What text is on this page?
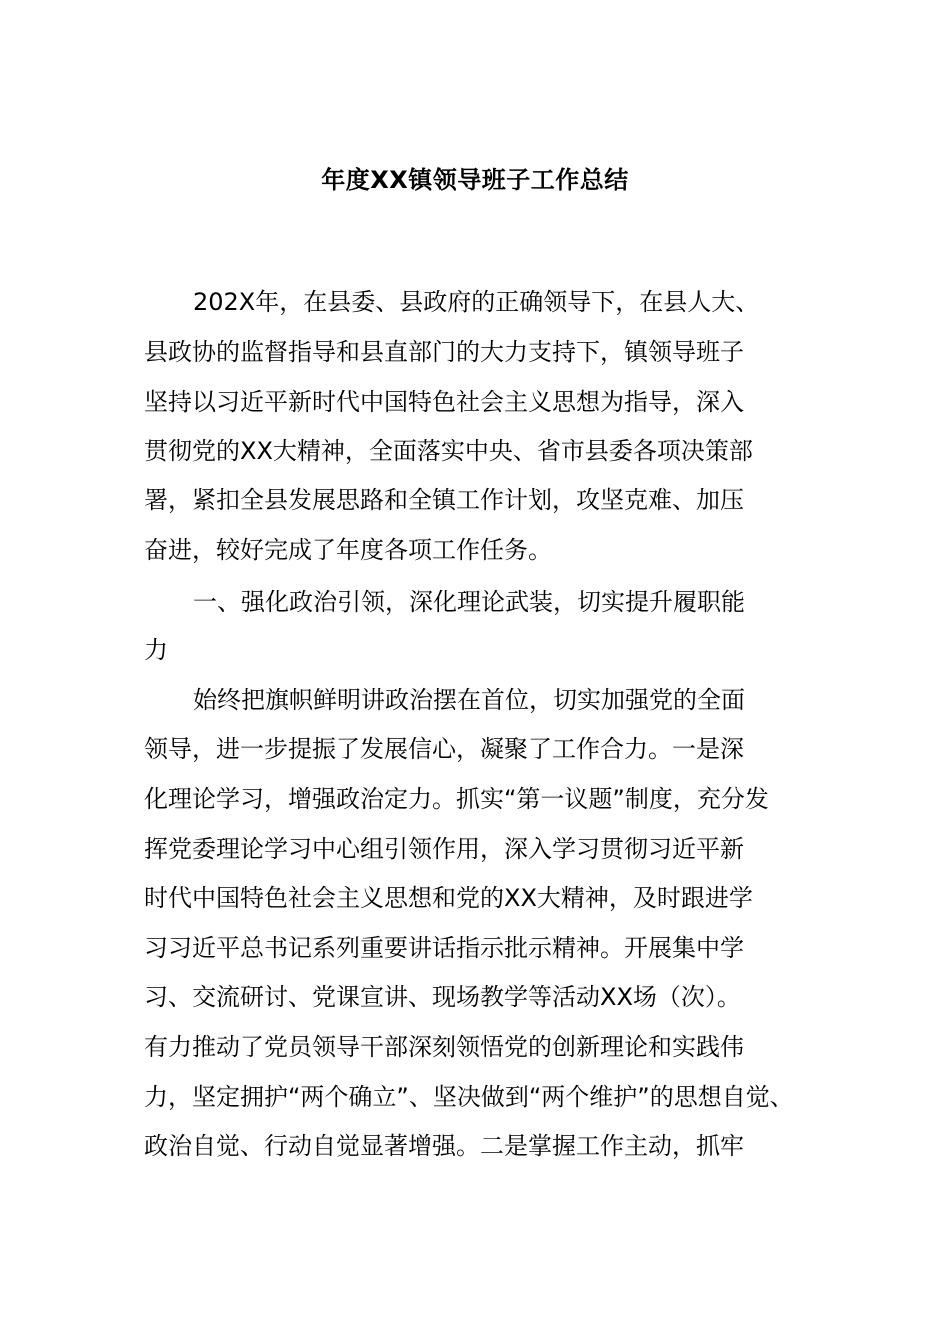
年度XX镇领导班子工作总结
202X年，在县委、县政府的正确领导下，在县人大、
县政协的监督指导和县直部门的大力支持下，镇领导班子
坚持以习近平新时代中国特色社会主义思想为指导，深入
贯彻党的XX大精神，全面落实中央、省市县委各项决策部
署，紧扣全县发展思路和全镇工作计划，攻坚克难、加压
奋进，较好完成了年度各项工作任务。
一、强化政治引领，深化理论武装，切实提升履职能
力
始终把旗帜鲜明讲政治摆在首位，切实加强党的全面
领导，进一步提振了发展信心，凝聚了工作合力。一是深
化理论学习，增强政治定力。抓实“第一议题”制度，充分发
挥党委理论学习中心组引领作用，深入学习贯彻习近平新
时代中国特色社会主义思想和党的XX大精神，及时跟进学
习习近平总书记系列重要讲话指示批示精神。开展集中学
习、交流研讨、党课宣讲、现场教学等活动XX场（次）。
有力推动了党员领导干部深刻领悟党的创新理论和实践伟
力，坚定拥护“两个确立”、坚决做到“两个维护”的思想自觉、
政治自觉、行动自觉显著增强。二是掌握工作主动，抓牢
